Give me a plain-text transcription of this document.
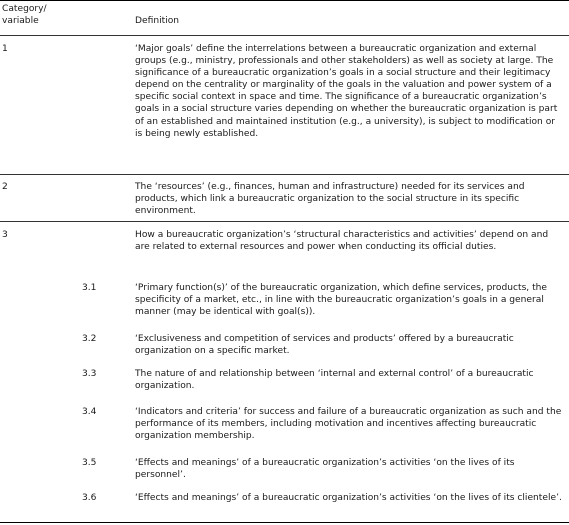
Category/ variable	Definition
1	‘Major goals’ define the interrelations between a bureaucratic organization and external groups (e.g., ministry, professionals and other stakeholders) as well as society at large. The significance of a bureaucratic organization’s goals in a social structure and their legitimacy depend on the centrality or marginality of the goals in the valuation and power system of a specific social context in space and time. The significance of a bureaucratic organization’s goals in a social structure varies depending on whether the bureaucratic organization is part of an established and maintained institution (e.g., a university), is subject to modification or is being newly established.
2	The ‘resources’ (e.g., finances, human and infrastructure) needed for its services and products, which link a bureaucratic organization to the social structure in its specific environment.
3	How a bureaucratic organization’s ‘structural characteristics and activities’ depend on and are related to external resources and power when conducting its official duties.
3.1	‘Primary function(s)’ of the bureaucratic organization, which define services, products, the specificity of a market, etc., in line with the bureaucratic organization’s goals in a general manner (may be identical with goal(s)).
3.2	‘Exclusiveness and competition of services and products’ offered by a bureaucratic organization on a specific market.
3.3	The nature of and relationship between ‘internal and external control’ of a bureaucratic organization.
3.4	‘Indicators and criteria’ for success and failure of a bureaucratic organization as such and the performance of its members, including motivation and incentives affecting bureaucratic organization membership.
3.5	‘Effects and meanings’ of a bureaucratic organization’s activities ‘on the lives of its personnel’.
3.6	‘Effects and meanings’ of a bureaucratic organization’s activities ‘on the lives of its clientele’.
